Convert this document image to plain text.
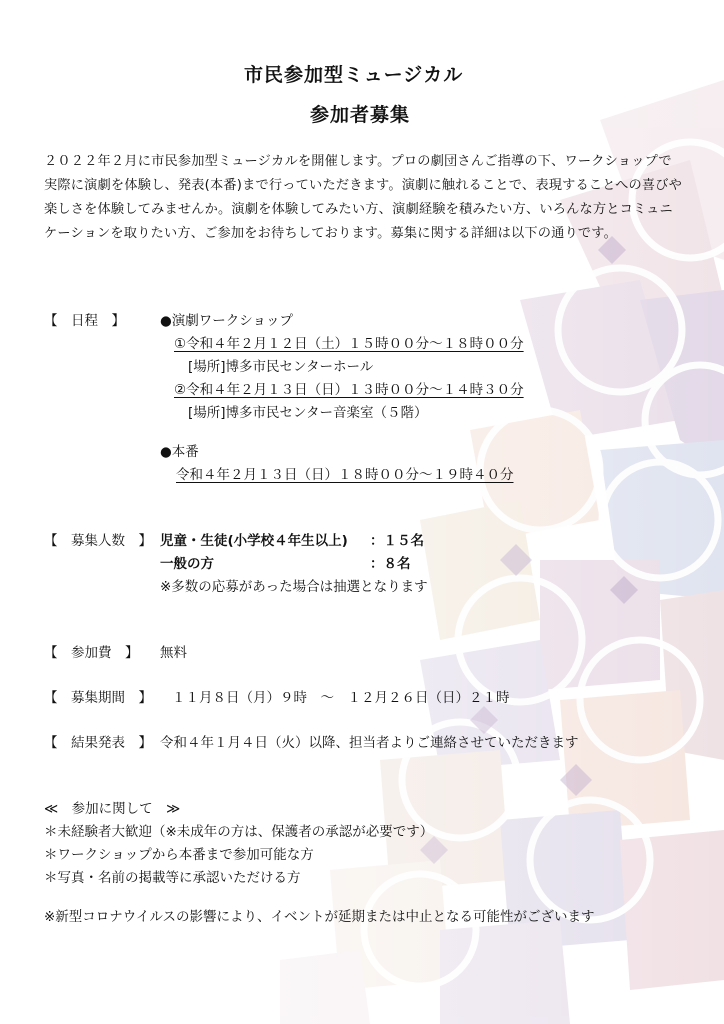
市民参加型ミュージカル
参加者募集
２０２２年２月に市民参加型ミュージカルを開催します。プロの劇団さんご指導の下、ワークショップで実際に演劇を体験し、発表(本番)まで行っていただきます。演劇に触れることで、表現することへの喜びや楽しさを体験してみませんか。演劇を体験してみたい方、演劇経験を積みたい方、いろんな方とコミュニケーションを取りたい方、ご参加をお待ちしております。募集に関する詳細は以下の通りです。
【　日程　】	●演劇ワークショップ
①令和４年２月１２日（土）１５時００分～１８時００分
[場所]博多市民センターホール
②令和４年２月１３日（日）１３時００分～１４時３０分
[場所]博多市民センター音楽室（５階）
●本番
令和４年２月１３日（日）１８時００分～１９時４０分
【　募集人数　】 児童・生徒(小学校４年生以上) ：１５名
一般の方	：８名
※多数の応募があった場合は抽選となります
【　参加費　】 無料
【　募集期間　】 １１月８日（月）９時　～　１２月２６日（日）２１時
【　結果発表　】 令和４年１月４日（火）以降、担当者よりご連絡させていただきます
≪　参加に関して　≫
＊未経験者大歓迎（※未成年の方は、保護者の承認が必要です）
＊ワークショップから本番まで参加可能な方
＊写真・名前の掲載等に承認いただける方
※新型コロナウイルスの影響により、イベントが延期または中止となる可能性がございます
